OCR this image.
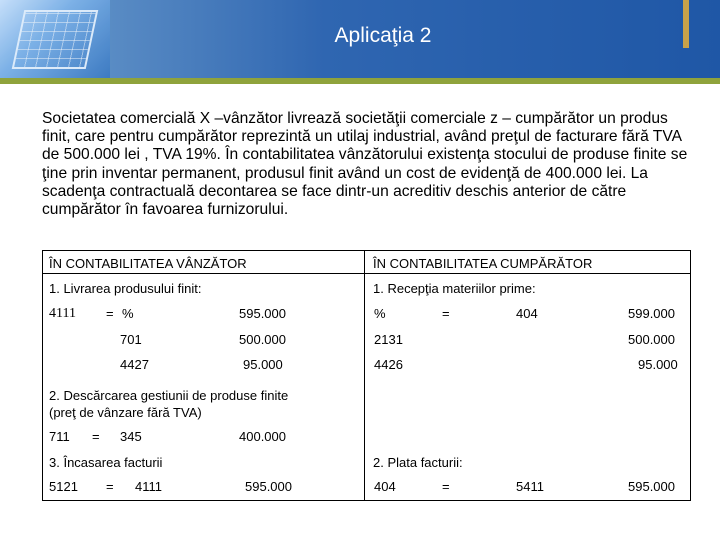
Aplicaţia 2
Societatea comercială X –vânzător livrează societăţii comerciale z – cumpărător un produs finit, care pentru cumpărător reprezintă un utilaj industrial, având preţul de facturare fără TVA de 500.000 lei , TVA 19%. În contabilitatea vânzătorului existenţa stocului de produse finite se ţine prin inventar permanent, produsul finit având un cost de evidenţă de 400.000 lei. La scadenţa contractuală decontarea se face dintr-un acreditiv deschis anterior de către cumpărător în favoarea furnizorului.
ÎN CONTABILITATEA VÂNZĂTOR
1. Livrarea produsului finit:
4111 = %	595.000
701	500.000
4427	95.000
2. Descărcarea gestiunii de produse finite
(preţ de vânzare fără TVA)
711 = 345	400.000
3. Încasarea facturii
5121 = 4111	595.000
ÎN CONTABILITATEA CUMPĂRĂTOR
1. Recepţia materiilor prime:
%	=	404	599.000
2131	500.000
4426	95.000
2. Plata facturii:
404	=	5411	595.000
